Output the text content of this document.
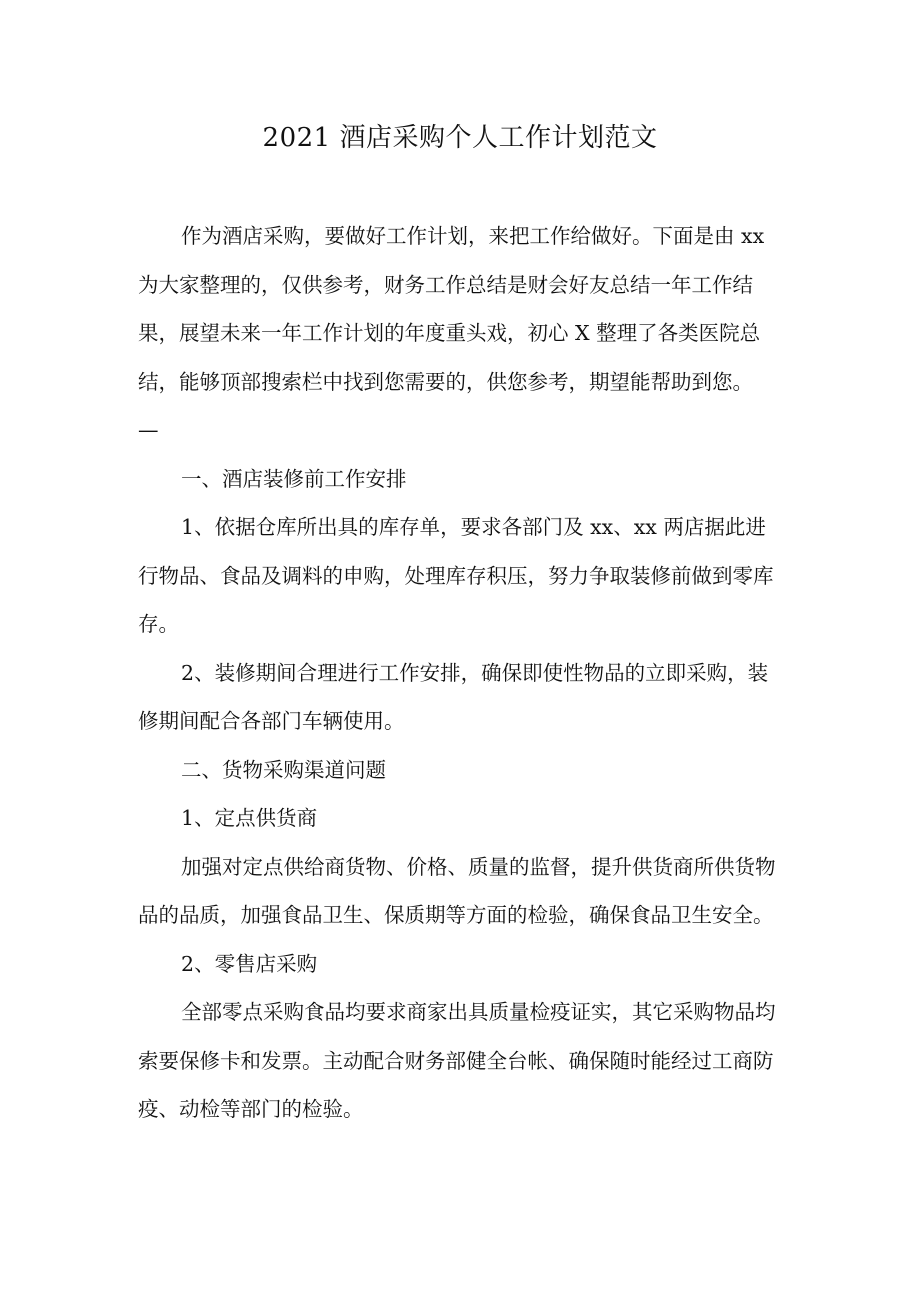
2021 酒店采购个人工作计划范文

作为酒店采购，要做好工作计划，来把工作给做好。下面是由 xx 为大家整理的，仅供参考，财务工作总结是财会好友总结一年工作结果，展望未来一年工作计划的年度重头戏，初心 X 整理了各类医院总结，能够顶部搜索栏中找到您需要的，供您参考，期望能帮助到您。

—

一、酒店装修前工作安排

1、依据仓库所出具的库存单，要求各部门及 xx、xx 两店据此进行物品、食品及调料的申购，处理库存积压，努力争取装修前做到零库存。

2、装修期间合理进行工作安排，确保即使性物品的立即采购，装修期间配合各部门车辆使用。

二、货物采购渠道问题

1、定点供货商

加强对定点供给商货物、价格、质量的监督，提升供货商所供货物品的品质，加强食品卫生、保质期等方面的检验，确保食品卫生安全。

2、零售店采购

全部零点采购食品均要求商家出具质量检疫证实，其它采购物品均索要保修卡和发票。主动配合财务部健全台帐、确保随时能经过工商防疫、动检等部门的检验。
